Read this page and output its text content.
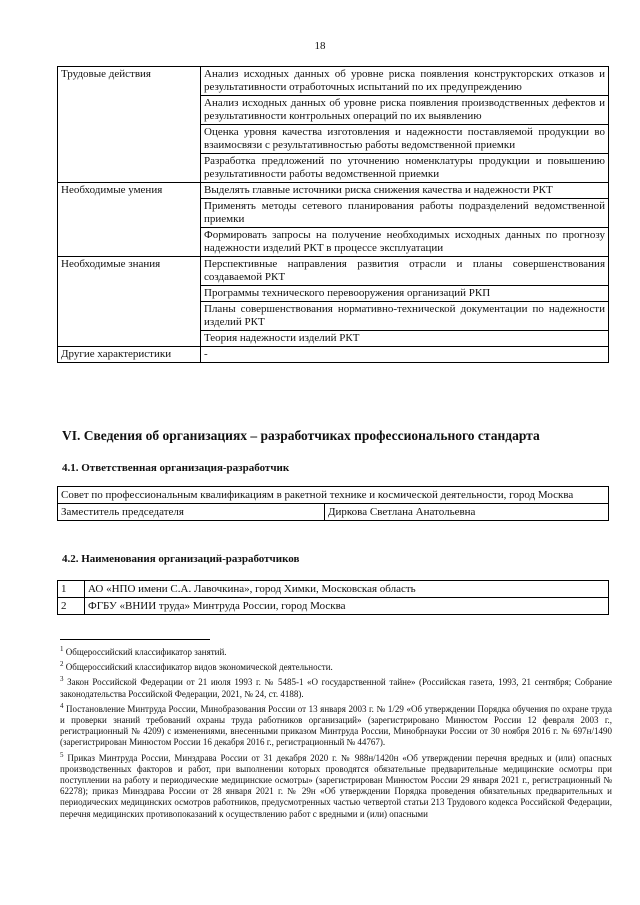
18
Трудовые действия	Анализ исходных данных об уровне риска появления конструкторских отказов и результативности отработочных испытаний по их предупреждению
	Анализ исходных данных об уровне риска появления производственных дефектов и результативности контрольных операций по их выявлению
	Оценка уровня качества изготовления и надежности поставляемой продукции во взаимосвязи с результативностью работы ведомственной приемки
	Разработка предложений по уточнению номенклатуры продукции и повышению результативности работы ведомственной приемки
Необходимые умения	Выделять главные источники риска снижения качества и надежности РКТ
	Применять методы сетевого планирования работы подразделений ведомственной приемки
	Формировать запросы на получение необходимых исходных данных по прогнозу надежности изделий РКТ в процессе эксплуатации
Необходимые знания	Перспективные направления развития отрасли и планы совершенствования создаваемой РКТ
	Программы технического перевооружения организаций РКП
	Планы совершенствования нормативно-технической документации по надежности изделий РКТ
	Теория надежности изделий РКТ
Другие характеристики	-
VI. Сведения об организациях – разработчиках профессионального стандарта
4.1. Ответственная организация-разработчик
Совет по профессиональным квалификациям в ракетной технике и космической деятельности, город Москва
Заместитель председателя	Диркова Светлана Анатольевна
4.2. Наименования организаций-разработчиков
1	АО «НПО имени С.А. Лавочкина», город Химки, Московская область
2	ФГБУ «ВНИИ труда» Минтруда России, город Москва

$^1$ Общероссийский классификатор занятий.

$^2$ Общероссийский классификатор видов экономической деятельности.

$^3$ Закон Российской Федерации от 21 июля 1993 г. № 5485-1 «О государственной тайне» (Российская газета, 1993, 21 сентября; Собрание законодательства Российской Федерации, 2021, № 24, ст. 4188).

$^4$ Постановление Минтруда России, Минобразования России от 13 января 2003 г. № 1/29 «Об утверждении Порядка обучения по охране труда и проверки знаний требований охраны труда работников организаций» (зарегистрировано Минюстом России 12 февраля 2003 г., регистрационный № 4209) с изменениями, внесенными приказом Минтруда России, Минобрнауки России от 30 ноября 2016 г. № 697н/1490 (зарегистрирован Минюстом России 16 декабря 2016 г., регистрационный № 44767).

$^5$ Приказ Минтруда России, Минздрава России от 31 декабря 2020 г. № 988н/1420н «Об утверждении перечня вредных и (или) опасных производственных факторов и работ, при выполнении которых проводятся обязательные предварительные медицинские осмотры при поступлении на работу и периодические медицинские осмотры» (зарегистрирован Минюстом России 29 января 2021 г., регистрационный № 62278); приказ Минздрава России от 28 января 2021 г. № 29н «Об утверждении Порядка проведения обязательных предварительных и периодических медицинских осмотров работников, предусмотренных частью четвертой статьи 213 Трудового кодекса Российской Федерации, перечня медицинских противопоказаний к осуществлению работ с вредными и (или) опасными
